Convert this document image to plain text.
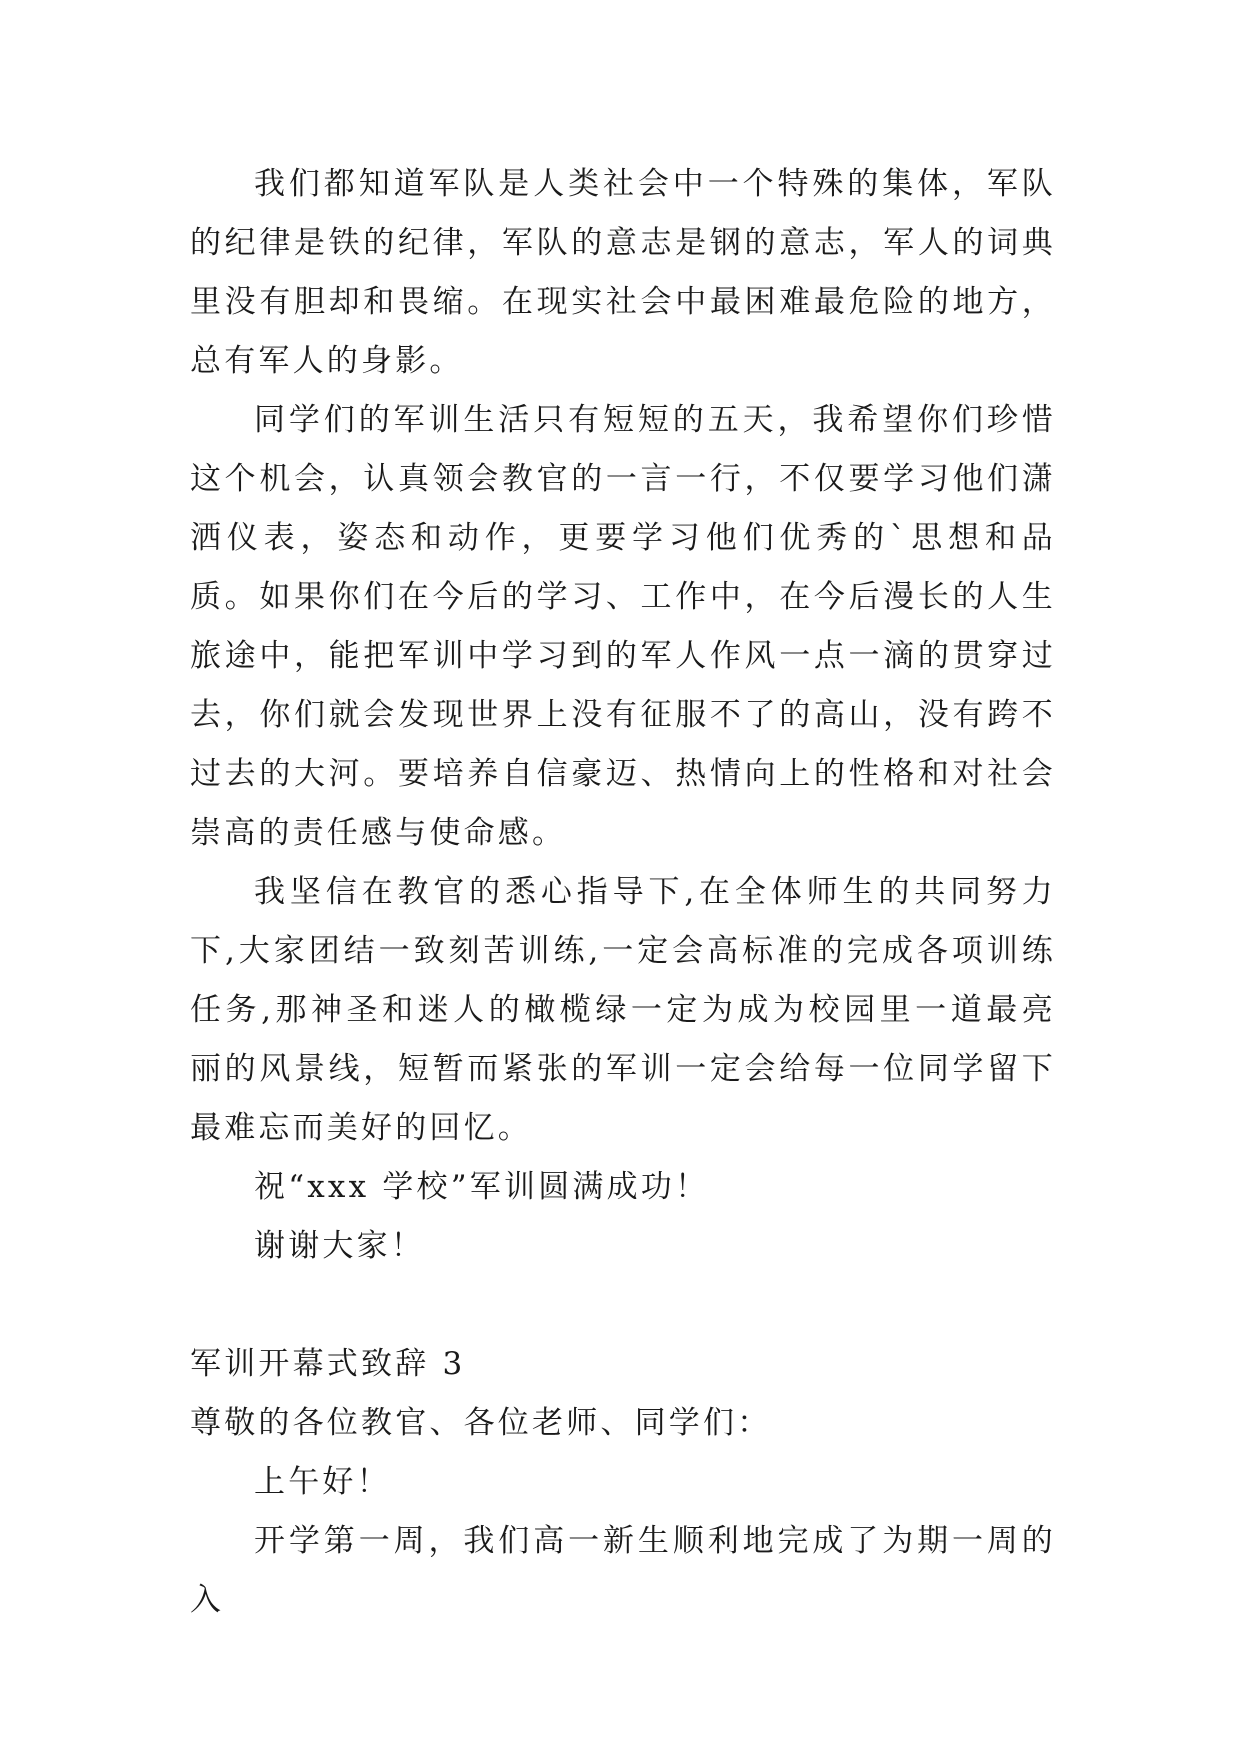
我们都知道军队是人类社会中一个特殊的集体，军队的纪律是铁的纪律，军队的意志是钢的意志，军人的词典里没有胆却和畏缩。在现实社会中最困难最危险的地方，总有军人的身影。

同学们的军训生活只有短短的五天，我希望你们珍惜这个机会，认真领会教官的一言一行，不仅要学习他们潇洒仪表，姿态和动作，更要学习他们优秀的`思想和品质。如果你们在今后的学习、工作中，在今后漫长的人生旅途中，能把军训中学习到的军人作风一点一滴的贯穿过去，你们就会发现世界上没有征服不了的高山，没有跨不过去的大河。要培养自信豪迈、热情向上的性格和对社会崇高的责任感与使命感。

我坚信在教官的悉心指导下,在全体师生的共同努力下,大家团结一致刻苦训练,一定会高标准的完成各项训练任务,那神圣和迷人的橄榄绿一定为成为校园里一道最亮丽的风景线，短暂而紧张的军训一定会给每一位同学留下最难忘而美好的回忆。

祝“xxx 学校”军训圆满成功！

谢谢大家！

军训开幕式致辞 3

尊敬的各位教官、各位老师、同学们：

上午好！

开学第一周，我们高一新生顺利地完成了为期一周的入
